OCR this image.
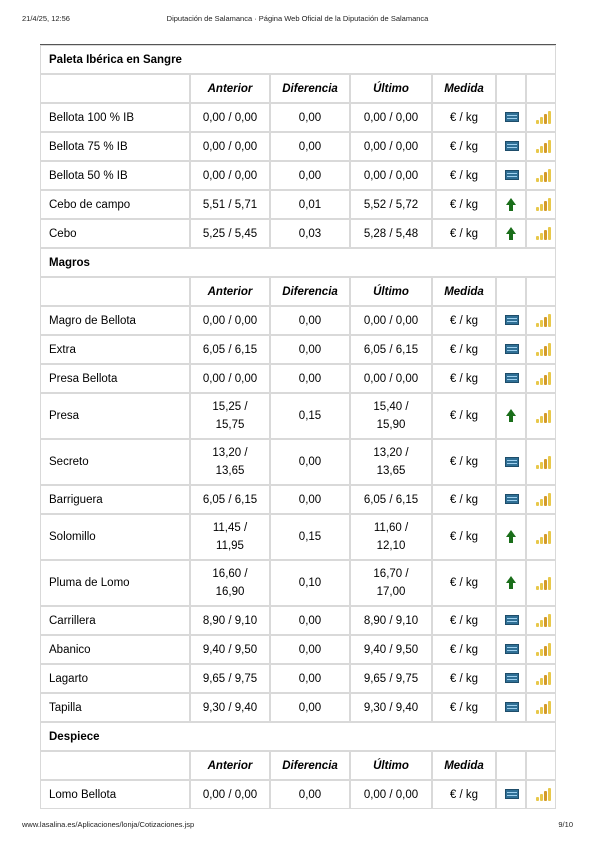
21/4/25, 12:56	Diputación de Salamanca · Página Web Oficial de la Diputación de Salamanca
Paleta Ibérica en Sangre						
	Anterior	Diferencia	Último	Medida		
Bellota 100 % IB	0,00 / 0,00	0,00	0,00 / 0,00	€ / kg		

Bellota 75 % IB	0,00 / 0,00	0,00	0,00 / 0,00	€ / kg		

Bellota 50 % IB	0,00 / 0,00	0,00	0,00 / 0,00	€ / kg		

Cebo de campo	5,51 / 5,71	0,01	5,52 / 5,72	€ / kg		

Cebo	5,25 / 5,45	0,03	5,28 / 5,48	€ / kg		

Magros						
	Anterior	Diferencia	Último	Medida		
Magro de Bellota	0,00 / 0,00	0,00	0,00 / 0,00	€ / kg		

Extra	6,05 / 6,15	0,00	6,05 / 6,15	€ / kg		

Presa Bellota	0,00 / 0,00	0,00	0,00 / 0,00	€ / kg		

Presa	15,25 / 15,75	0,15	15,40 / 15,90	€ / kg		

Secreto	13,20 / 13,65	0,00	13,20 / 13,65	€ / kg		

Barriguera	6,05 / 6,15	0,00	6,05 / 6,15	€ / kg		

Solomillo	11,45 / 11,95	0,15	11,60 / 12,10	€ / kg		

Pluma de Lomo	16,60 / 16,90	0,10	16,70 / 17,00	€ / kg		

Carrillera	8,90 / 9,10	0,00	8,90 / 9,10	€ / kg		

Abanico	9,40 / 9,50	0,00	9,40 / 9,50	€ / kg		

Lagarto	9,65 / 9,75	0,00	9,65 / 9,75	€ / kg		

Tapilla	9,30 / 9,40	0,00	9,30 / 9,40	€ / kg		

Despiece						
	Anterior	Diferencia	Último	Medida		
Lomo Bellota	0,00 / 0,00	0,00	0,00 / 0,00	€ / kg		
www.lasalina.es/Aplicaciones/lonja/Cotizaciones.jsp	9/10
